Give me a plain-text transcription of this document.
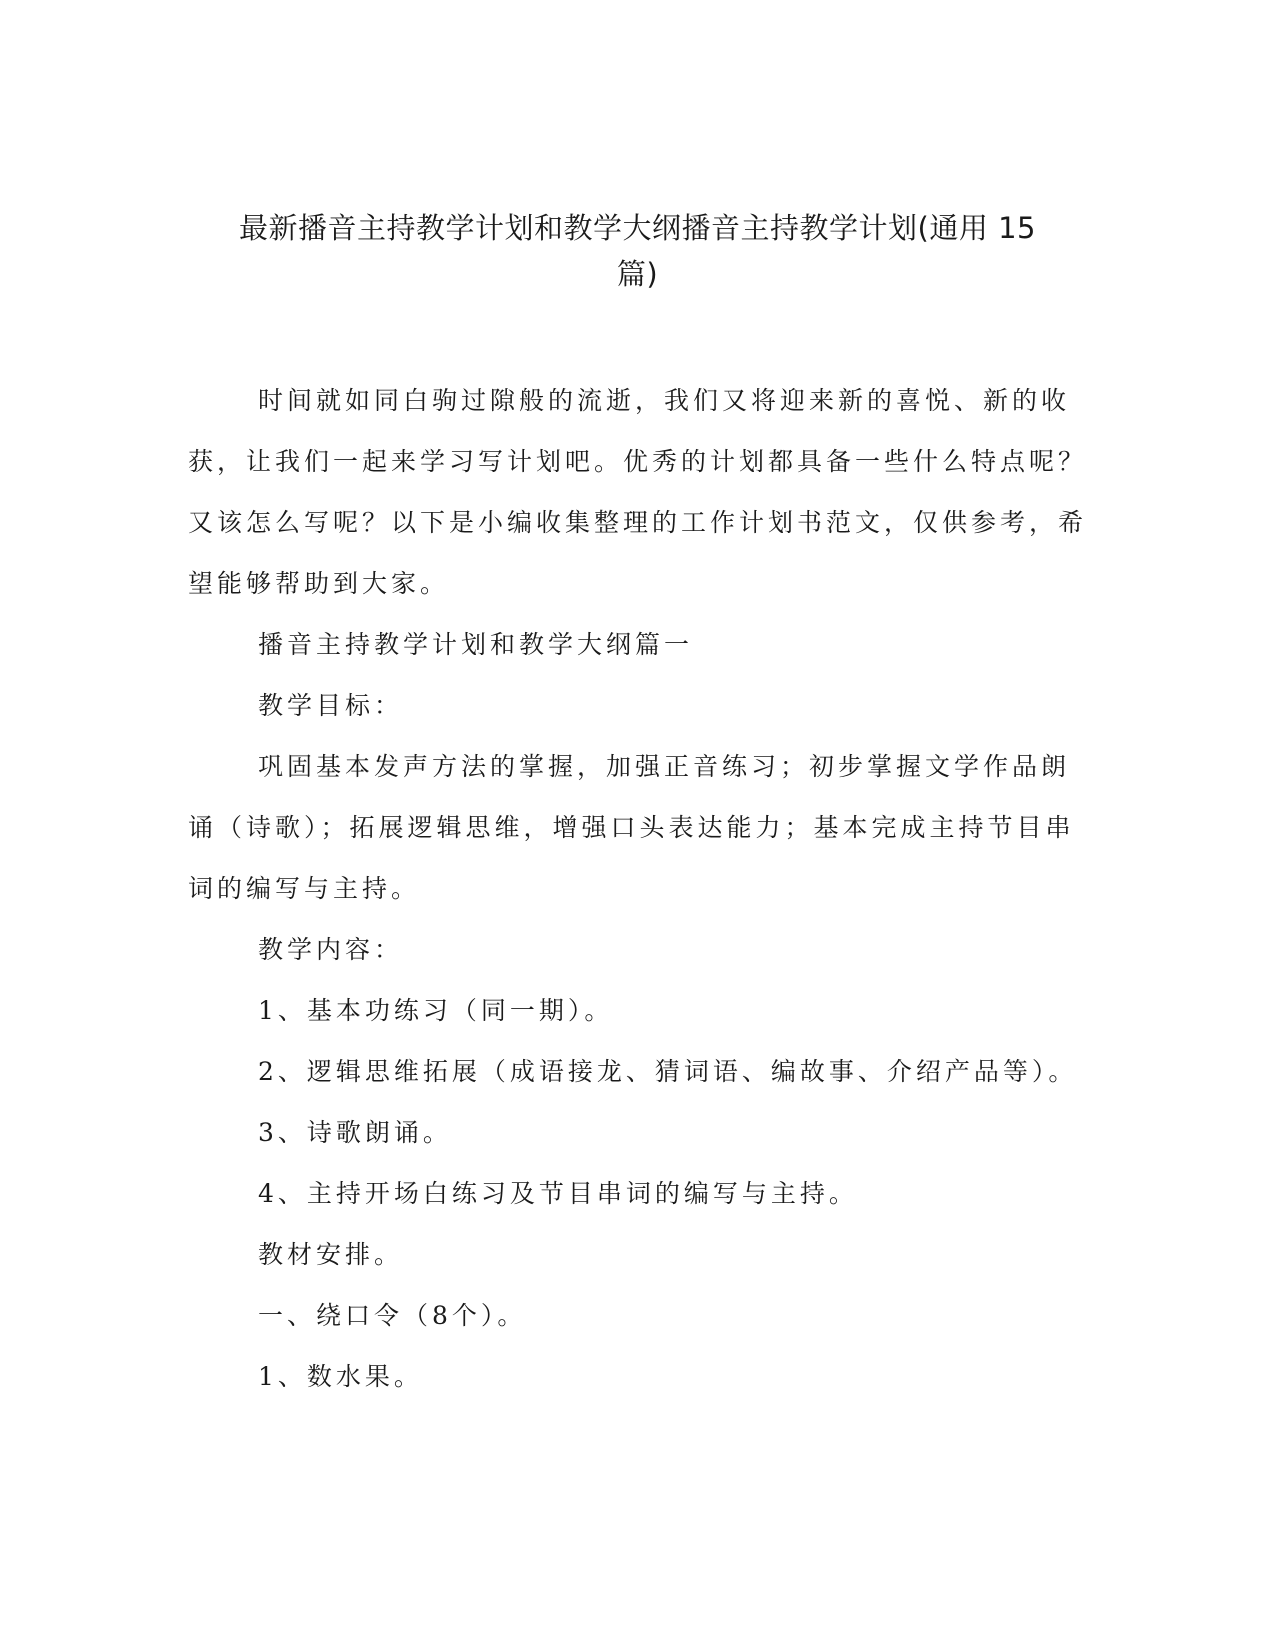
最新播音主持教学计划和教学大纲播音主持教学计划(通用 15
篇)

时间就如同白驹过隙般的流逝，我们又将迎来新的喜悦、新的收获，让我们一起来学习写计划吧。优秀的计划都具备一些什么特点呢？又该怎么写呢？以下是小编收集整理的工作计划书范文，仅供参考，希望能够帮助到大家。

播音主持教学计划和教学大纲篇一

教学目标：

巩固基本发声方法的掌握，加强正音练习；初步掌握文学作品朗诵（诗歌）；拓展逻辑思维，增强口头表达能力；基本完成主持节目串词的编写与主持。

教学内容：

1、基本功练习（同一期）。

2、逻辑思维拓展（成语接龙、猜词语、编故事、介绍产品等）。

3、诗歌朗诵。

4、主持开场白练习及节目串词的编写与主持。

教材安排。

一、绕口令（8个）。

1、数水果。
